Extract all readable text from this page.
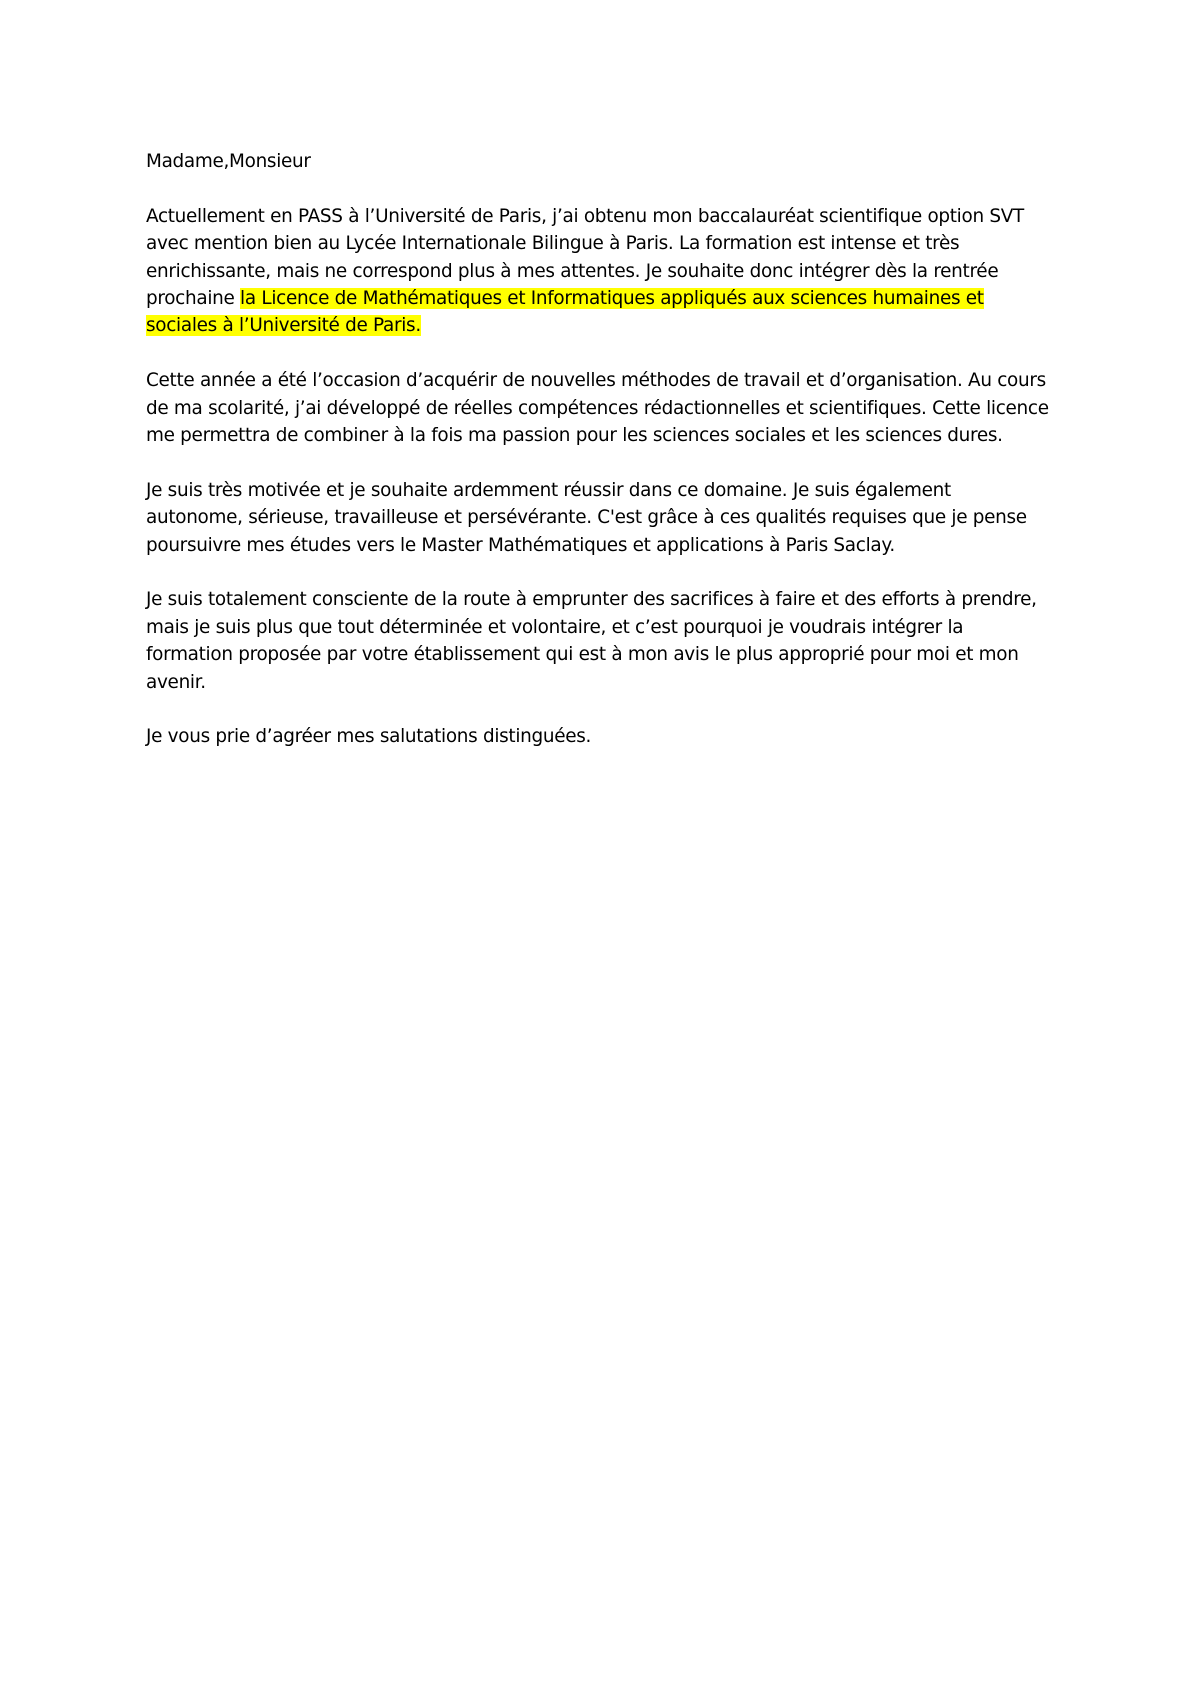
Madame,Monsieur

Actuellement en PASS à l’Université de Paris, j’ai obtenu mon baccalauréat scientifique option SVT
avec mention bien au Lycée Internationale Bilingue à Paris. La formation est intense et très
enrichissante, mais ne correspond plus à mes attentes. Je souhaite donc intégrer dès la rentrée
prochaine la Licence de Mathématiques et Informatiques appliqués aux sciences humaines et
sociales à l’Université de Paris.

Cette année a été l’occasion d’acquérir de nouvelles méthodes de travail et d’organisation. Au cours
de ma scolarité, j’ai développé de réelles compétences rédactionnelles et scientifiques. Cette licence
me permettra de combiner à la fois ma passion pour les sciences sociales et les sciences dures.

Je suis très motivée et je souhaite ardemment réussir dans ce domaine. Je suis également
autonome, sérieuse, travailleuse et persévérante. C'est grâce à ces qualités requises que je pense
poursuivre mes études vers le Master Mathématiques et applications à Paris Saclay.

Je suis totalement consciente de la route à emprunter des sacrifices à faire et des efforts à prendre,
mais je suis plus que tout déterminée et volontaire, et c’est pourquoi je voudrais intégrer la
formation proposée par votre établissement qui est à mon avis le plus approprié pour moi et mon
avenir.

Je vous prie d’agréer mes salutations distinguées.
